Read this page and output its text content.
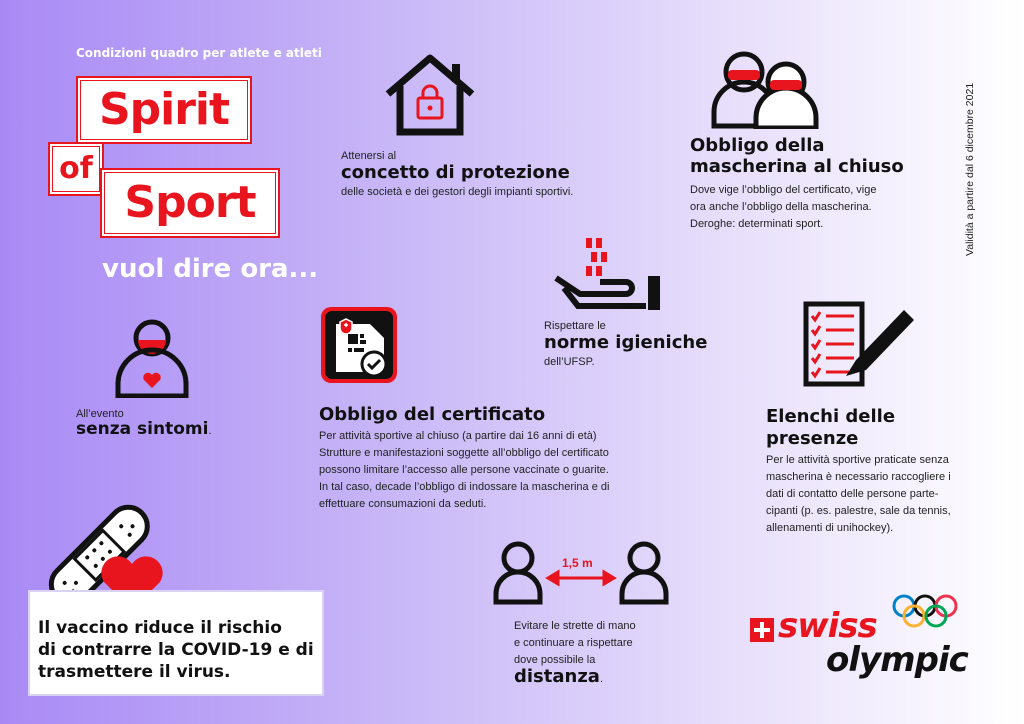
Condizioni quadro per atlete e atleti
Spirit
of
Sport
vuol dire ora...
Validità a partire dal 6 dicembre 2021
Attenersi al
concetto di protezione
delle società e dei gestori degli impianti sportivi.
Obbligo della
mascherina al chiuso
Dove vige l’obbligo del certificato, vige
ora anche l’obbligo della mascherina.
Deroghe: determinati sport.
Rispettare le
norme igieniche
dell’UFSP.
Elenchi delle
presenze
Per le attività sportive praticate senza
mascherina è necessario raccogliere i
dati di contatto delle persone parte-
cipanti (p. es. palestre, sale da tennis,
allenamenti di unihockey).
All’evento
senza sintomi.
Obbligo del certificato
Per attività sportive al chiuso (a partire dai 16 anni di età)
Strutture e manifestazioni soggette all’obbligo del certificato
possono limitare l’accesso alle persone vaccinate o guarite.
In tal caso, decade l’obbligo di indossare la mascherina e di
effettuare consumazioni da seduti.
1,5 m
Evitare le strette di mano
e continuare a rispettare
dove possibile la
distanza.
Il vaccino riduce il rischio
di contrarre la COVID-19 e di
trasmettere il virus.
swiss
olympic
